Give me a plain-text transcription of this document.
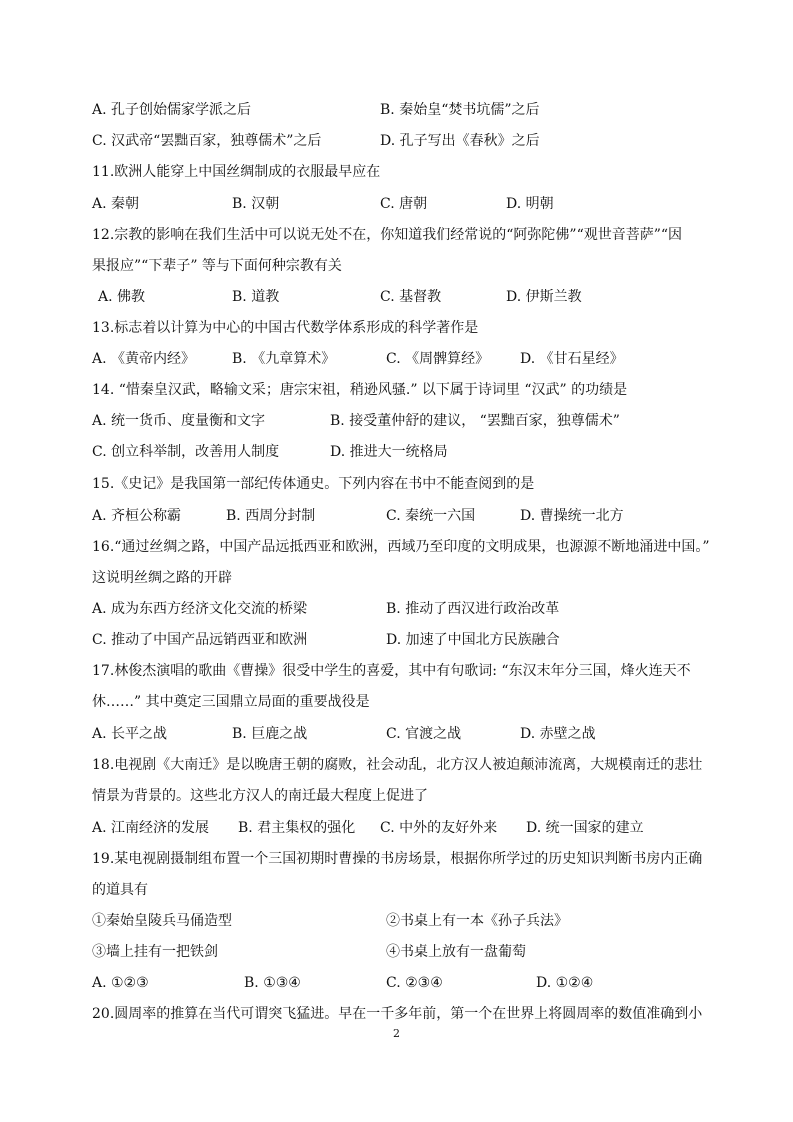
A. 孔子创始儒家学派之后	B. 秦始皇“焚书坑儒”之后
C. 汉武帝“罢黜百家，独尊儒术”之后	D. 孔子写出《春秋》之后
11.欧洲人能穿上中国丝绸制成的衣服最早应在
A. 秦朝	B. 汉朝	C. 唐朝	D. 明朝
12.宗教的影响在我们生活中可以说无处不在，你知道我们经常说的“阿弥陀佛”“观世音菩萨”“因
果报应”“下辈子” 等与下面何种宗教有关
A. 佛教	B. 道教	C. 基督教	D. 伊斯兰教
13.标志着以计算为中心的中国古代数学体系形成的科学著作是
A. 《黄帝内经》	B. 《九章算术》	C. 《周髀算经》 D. 《甘石星经》
14. “惜秦皇汉武，略输文采；唐宗宋祖，稍逊风骚.” 以下属于诗词里 “汉武” 的功绩是
A. 统一货币、度量衡和文字	B. 接受董仲舒的建议， “罢黜百家，独尊儒术”
C. 创立科举制，改善用人制度	D. 推进大一统格局
15.《史记》是我国第一部纪传体通史。下列内容在书中不能查阅到的是
A. 齐桓公称霸	B. 西周分封制	C. 秦统一六国	D. 曹操统一北方
16.“通过丝绸之路，中国产品远抵西亚和欧洲，西域乃至印度的文明成果，也源源不断地涌进中国。”
这说明丝绸之路的开辟
A. 成为东西方经济文化交流的桥梁	B. 推动了西汉进行政治改革
C. 推动了中国产品远销西亚和欧洲	D. 加速了中国北方民族融合
17.林俊杰演唱的歌曲《曹操》很受中学生的喜爱，其中有句歌词: “东汉末年分三国，烽火连天不
休……” 其中奠定三国鼎立局面的重要战役是
A. 长平之战	B. 巨鹿之战	C. 官渡之战	D. 赤壁之战
18.电视剧《大南迁》是以晚唐王朝的腐败，社会动乱，北方汉人被迫颠沛流离，大规模南迁的悲壮
情景为背景的。这些北方汉人的南迁最大程度上促进了
A. 江南经济的发展 B. 君主集权的强化 C. 中外的友好外来 D. 统一国家的建立
19.某电视剧摄制组布置一个三国初期时曹操的书房场景，根据你所学过的历史知识判断书房内正确
的道具有
①秦始皇陵兵马俑造型	②书桌上有一本《孙子兵法》
③墙上挂有一把铁剑	④书桌上放有一盘葡萄
A. ①②③	B. ①③④	C. ②③④	D. ①②④
20.圆周率的推算在当代可谓突飞猛进。早在一千多年前，第一个在世界上将圆周率的数值准确到小
2
